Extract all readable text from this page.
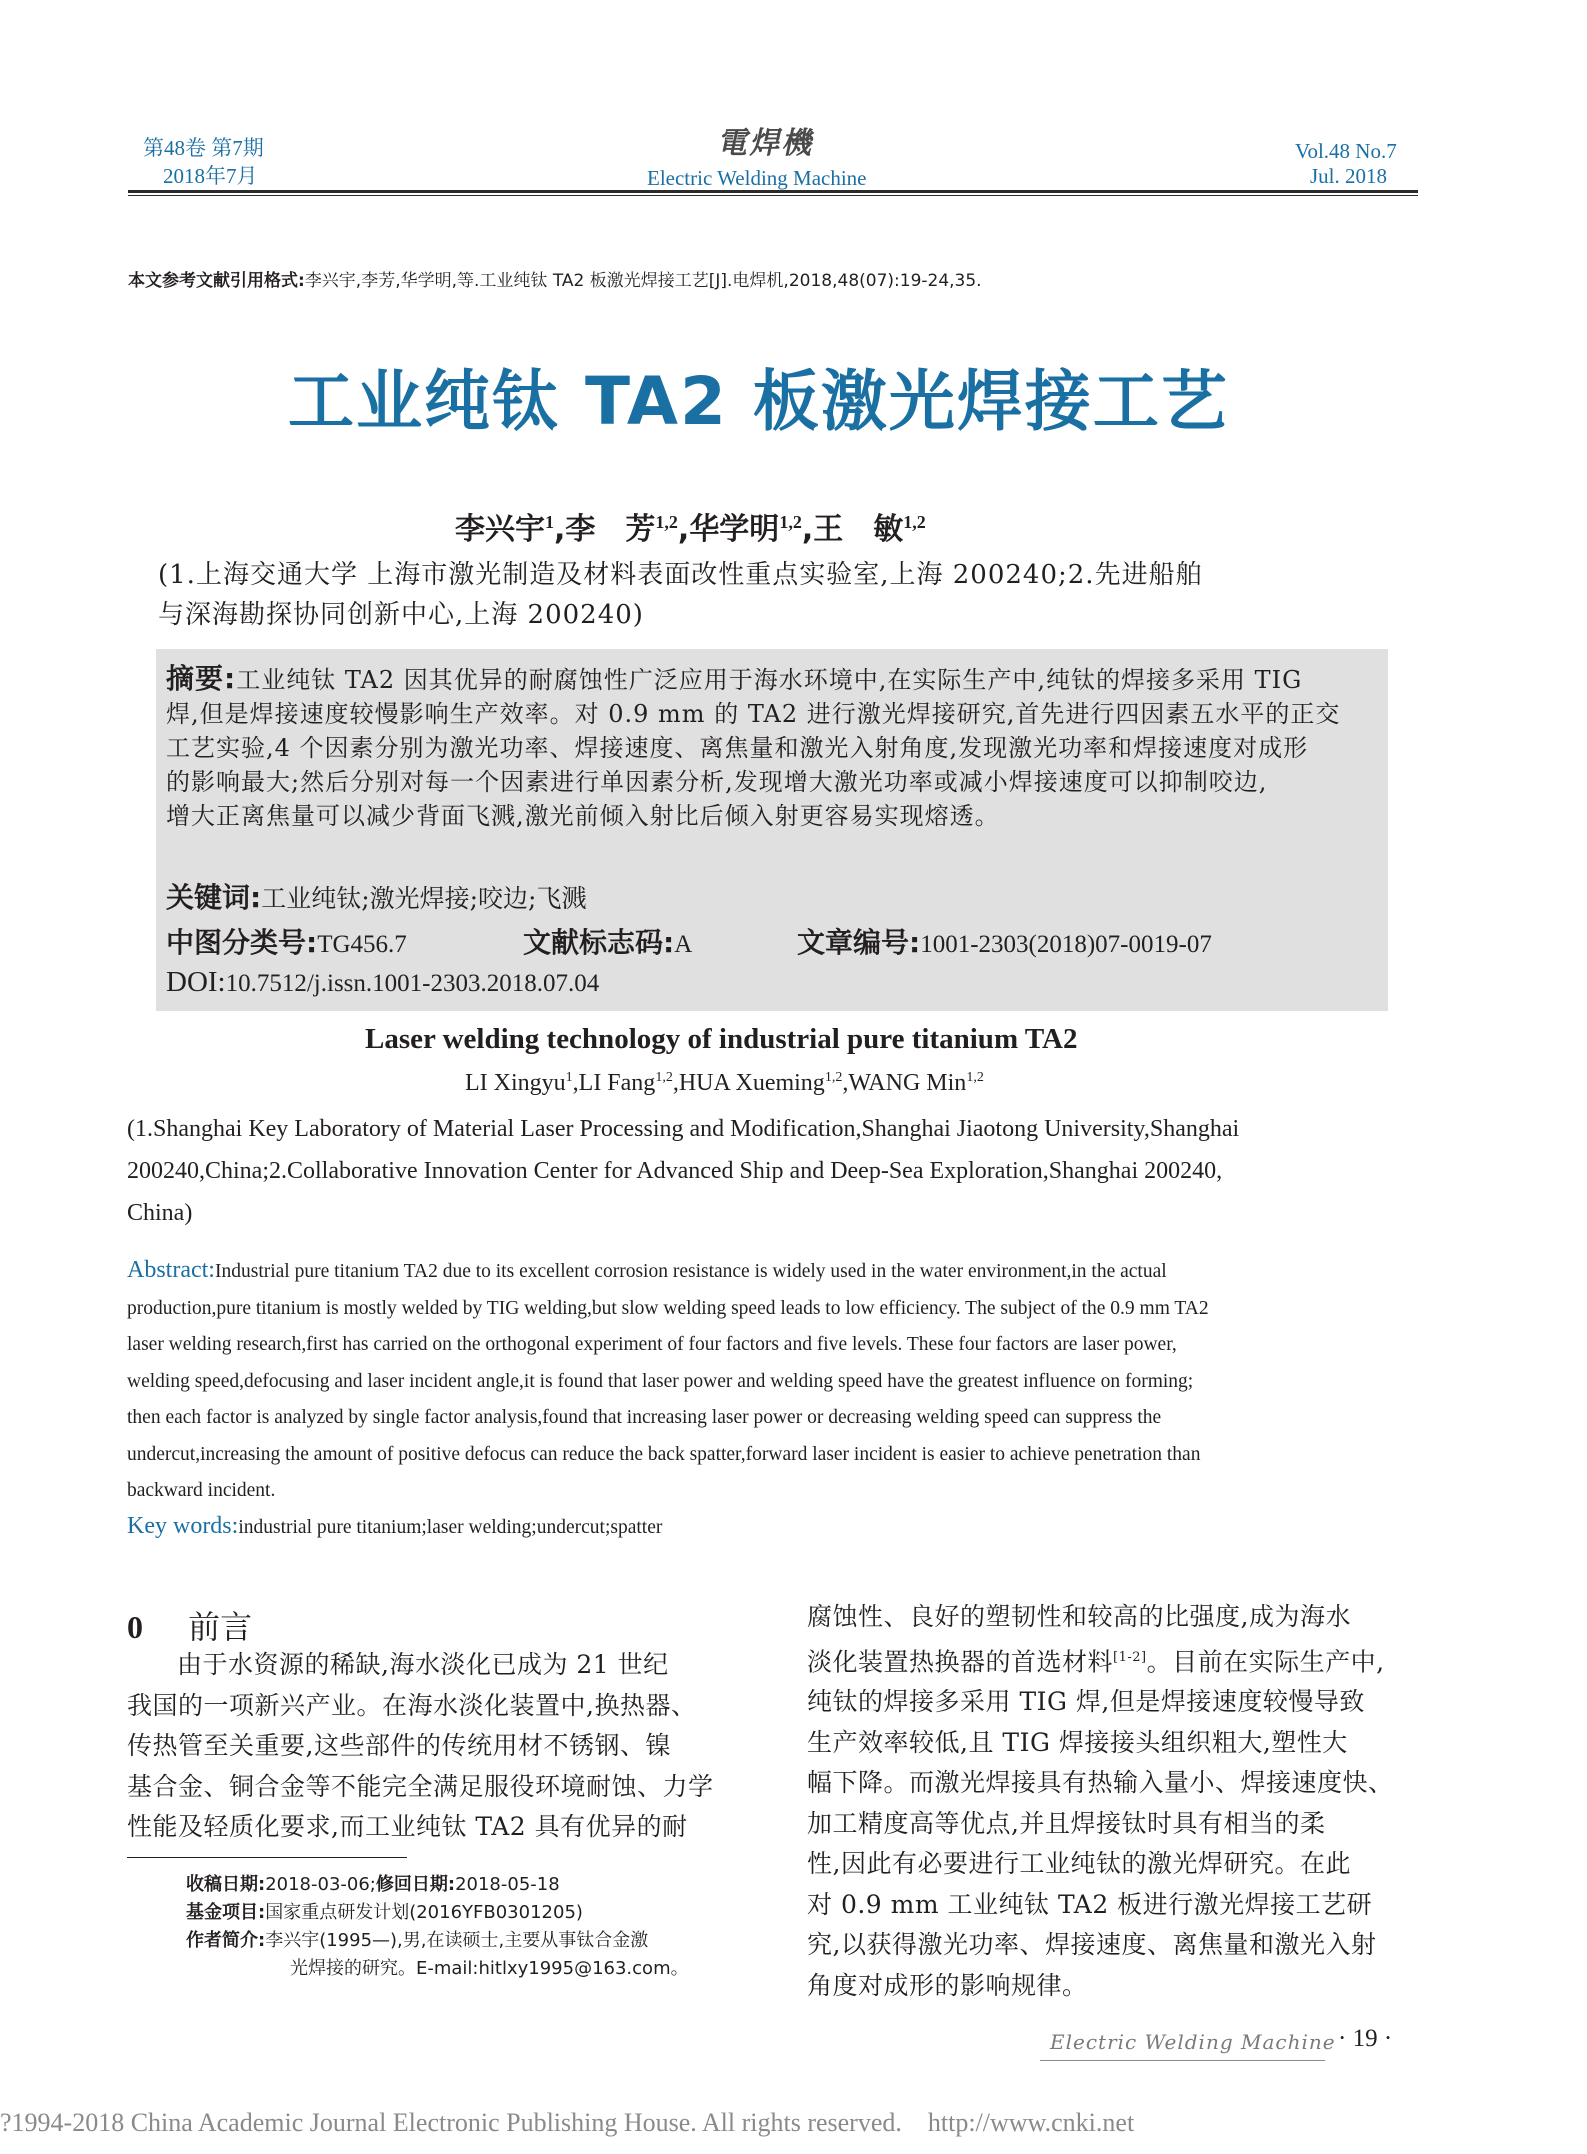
第48卷 第7期
2018年7月
電焊機
Electric Welding Machine
Vol.48 No.7
Jul. 2018
本文参考文献引用格式:李兴宇,李芳,华学明,等.工业纯钛 TA2 板激光焊接工艺[J].电焊机,2018,48(07):19-24,35.
工业纯钛 TA2 板激光焊接工艺
李兴宇$^1$,李　芳$^{1,2}$,华学明$^{1,2}$,王　敏$^{1,2}$
(1.上海交通大学 上海市激光制造及材料表面改性重点实验室,上海 200240;2.先进船舶
与深海勘探协同创新中心,上海 200240)
摘要:工业纯钛 TA2 因其优异的耐腐蚀性广泛应用于海水环境中,在实际生产中,纯钛的焊接多采用 TIG
焊,但是焊接速度较慢影响生产效率。对 0.9 mm 的 TA2 进行激光焊接研究,首先进行四因素五水平的正交
工艺实验,4 个因素分别为激光功率、焊接速度、离焦量和激光入射角度,发现激光功率和焊接速度对成形
的影响最大;然后分别对每一个因素进行单因素分析,发现增大激光功率或减小焊接速度可以抑制咬边,
增大正离焦量可以减少背面飞溅,激光前倾入射比后倾入射更容易实现熔透。
关键词:工业纯钛;激光焊接;咬边;飞溅
中图分类号:TG456.7	文献标志码:A	文章编号:1001-2303(2018)07-0019-07
DOI:10.7512/j.issn.1001-2303.2018.07.04
Laser welding technology of industrial pure titanium TA2
LI Xingyu$^1$,LI Fang$^{1,2}$,HUA Xueming$^{1,2}$,WANG Min$^{1,2}$
(1.Shanghai Key Laboratory of Material Laser Processing and Modification,Shanghai Jiaotong University,Shanghai
200240,China;2.Collaborative Innovation Center for Advanced Ship and Deep-Sea Exploration,Shanghai 200240,
China)
Abstract:Industrial pure titanium TA2 due to its excellent corrosion resistance is widely used in the water environment,in the actual
production,pure titanium is mostly welded by TIG welding,but slow welding speed leads to low efficiency. The subject of the 0.9 mm TA2
laser welding research,first has carried on the orthogonal experiment of four factors and five levels. These four factors are laser power,
welding speed,defocusing and laser incident angle,it is found that laser power and welding speed have the greatest influence on forming;
then each factor is analyzed by single factor analysis,found that increasing laser power or decreasing welding speed can suppress the
undercut,increasing the amount of positive defocus can reduce the back spatter,forward laser incident is easier to achieve penetration than
backward incident.
Key words:industrial pure titanium;laser welding;undercut;spatter
0 前言
由于水资源的稀缺,海水淡化已成为 21 世纪
我国的一项新兴产业。在海水淡化装置中,换热器、
传热管至关重要,这些部件的传统用材不锈钢、镍
基合金、铜合金等不能完全满足服役环境耐蚀、力学
性能及轻质化要求,而工业纯钛 TA2 具有优异的耐
收稿日期:2018-03-06;修回日期:2018-05-18
基金项目:国家重点研发计划(2016YFB0301205)
作者简介:李兴宇(1995—),男,在读硕士,主要从事钛合金激
光焊接的研究。E-mail:hitlxy1995@163.com。
腐蚀性、良好的塑韧性和较高的比强度,成为海水
淡化装置热换器的首选材料[1-2]。目前在实际生产中,
纯钛的焊接多采用 TIG 焊,但是焊接速度较慢导致
生产效率较低,且 TIG 焊接接头组织粗大,塑性大
幅下降。而激光焊接具有热输入量小、焊接速度快、
加工精度高等优点,并且焊接钛时具有相当的柔
性,因此有必要进行工业纯钛的激光焊研究。在此
对 0.9 mm 工业纯钛 TA2 板进行激光焊接工艺研
究,以获得激光功率、焊接速度、离焦量和激光入射
角度对成形的影响规律。
Electric Welding Machine · 19 ·
?1994-2018 China Academic Journal Electronic Publishing House. All rights reserved.    http://www.cnki.net
